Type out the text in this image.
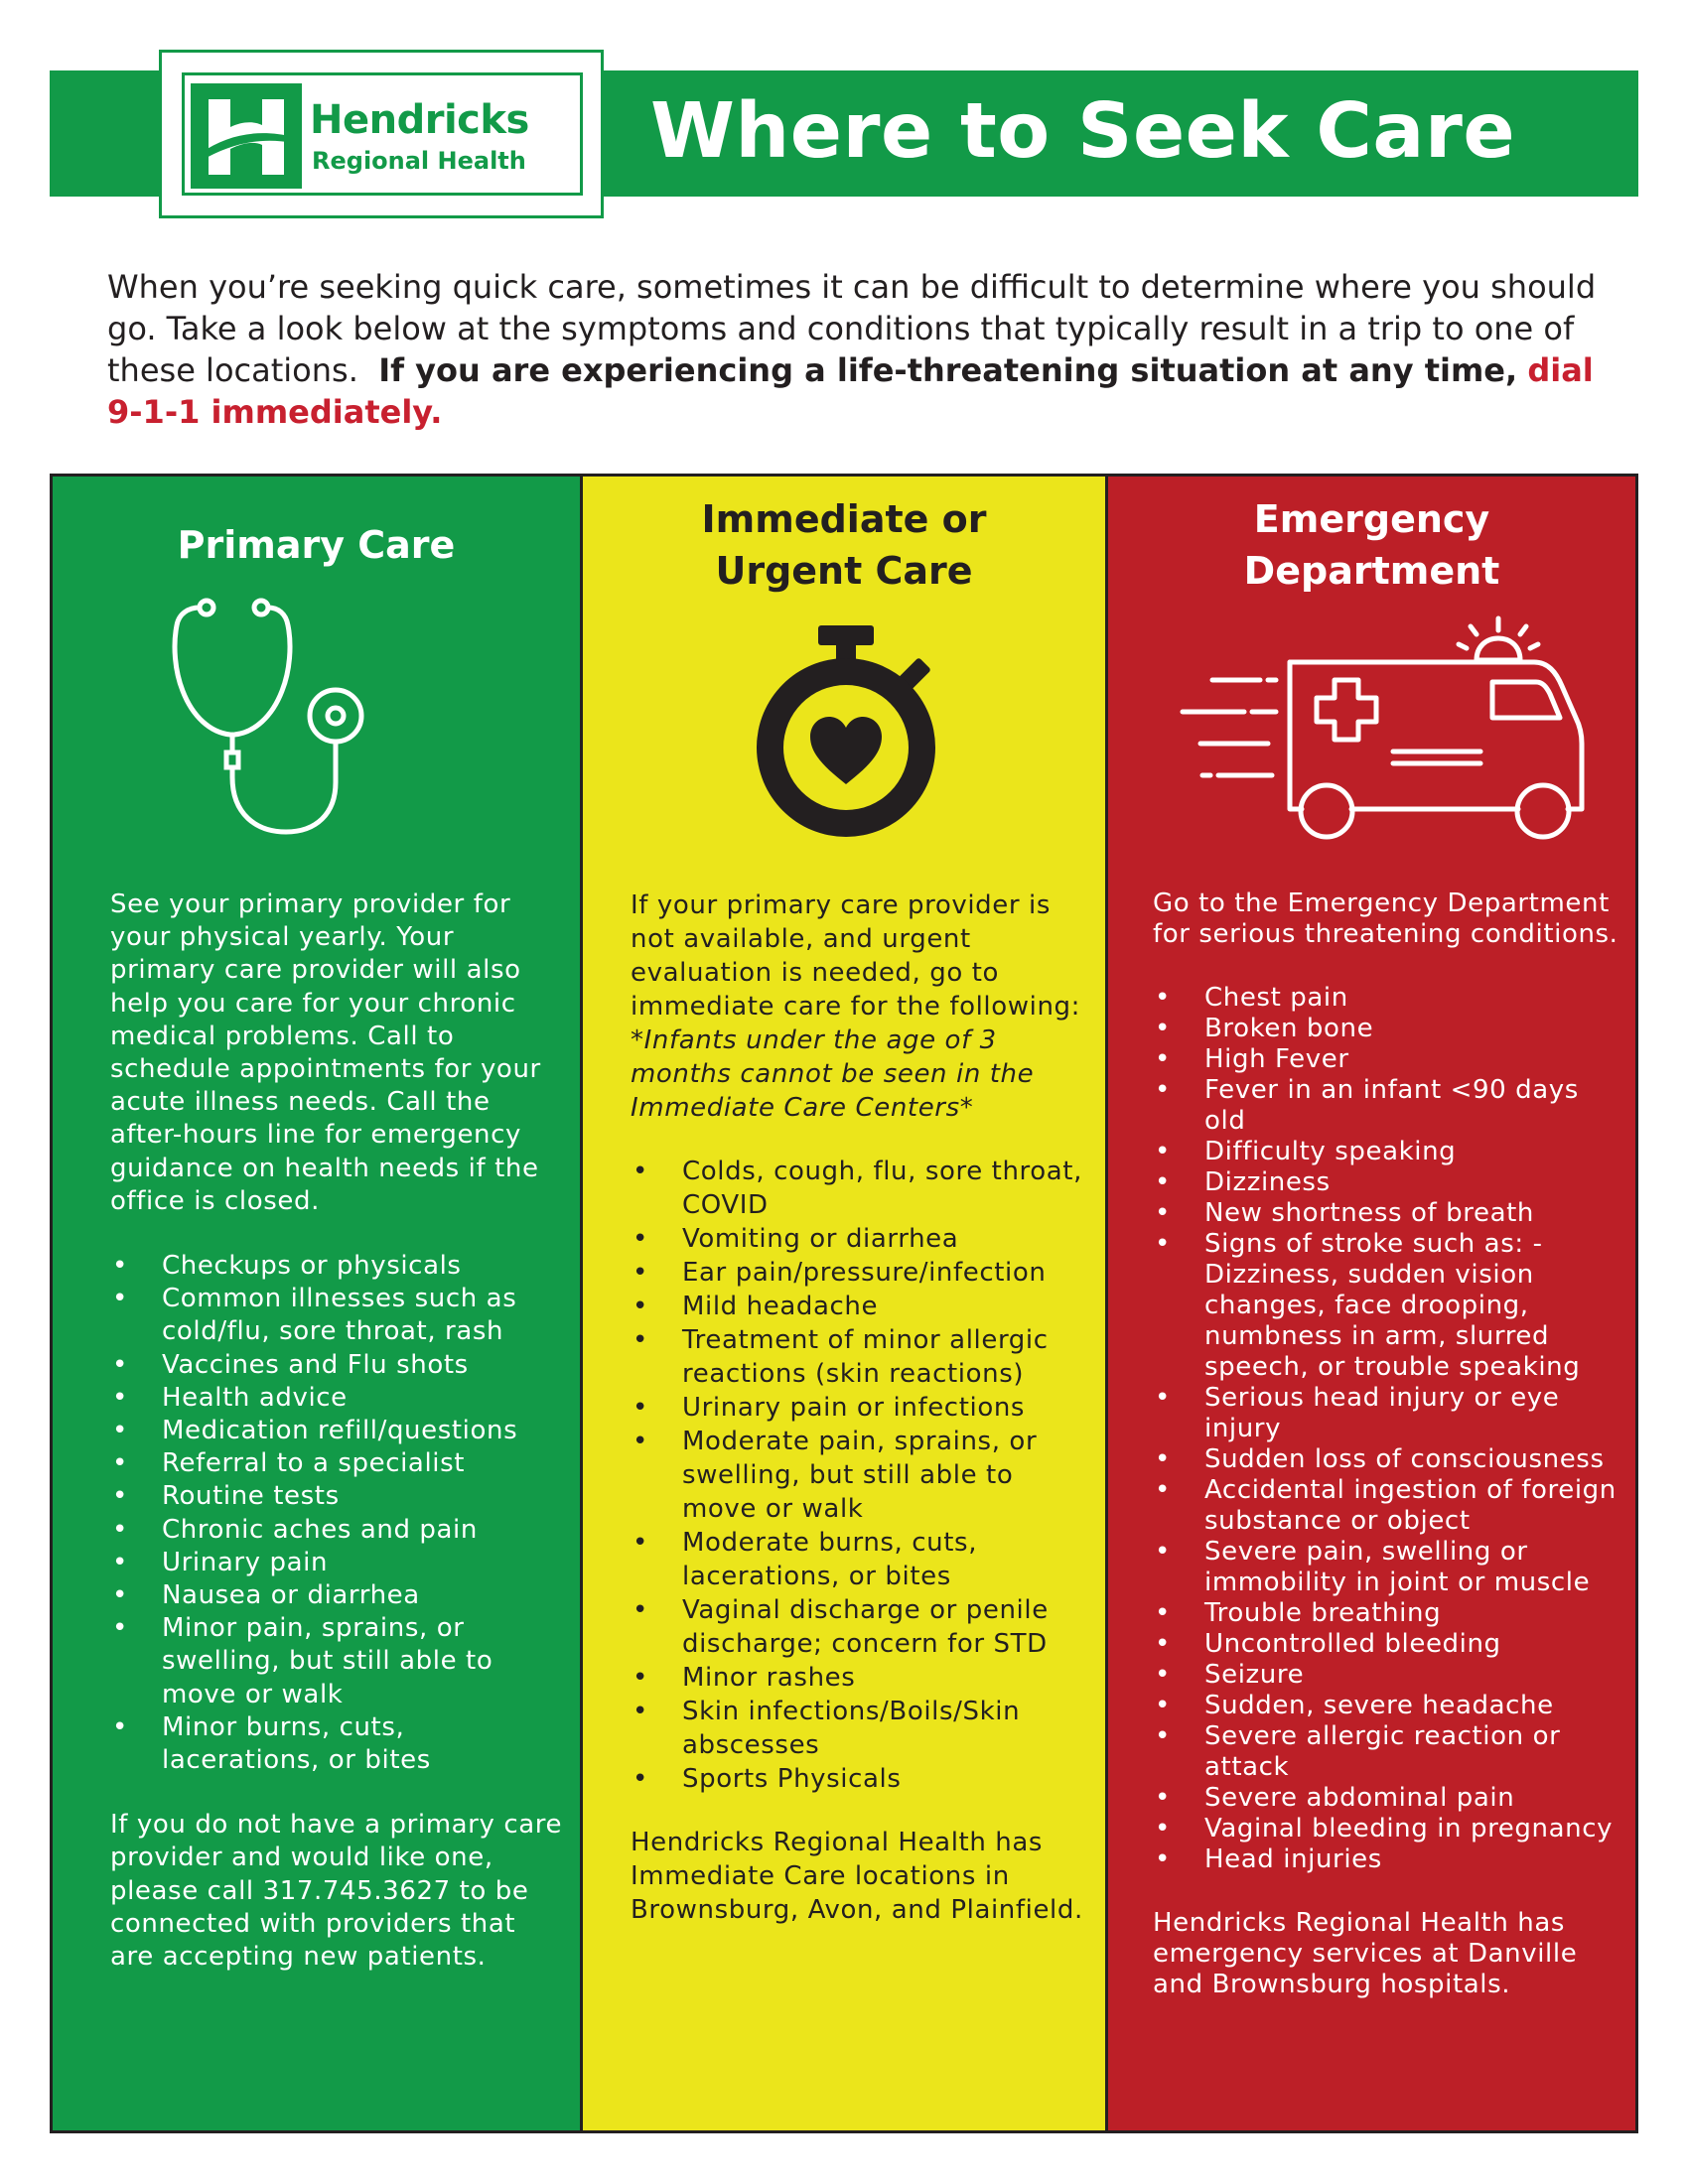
Hendricks
Regional Health Where to Seek Care

When you’re seeking quick care, sometimes it can be difficult to determine where you should go. Take a look below at the symptoms and conditions that typically result in a trip to one of these locations. If you are experiencing a life-threatening situation at any time, dial 9-1-1 immediately.

Primary Care

See your primary provider for your physical yearly. Your primary care provider will also help you care for your chronic medical problems. Call to schedule appointments for your acute illness needs. Call the after-hours line for emergency guidance on health needs if the office is closed.

• Checkups or physicals
• Common illnesses such as cold/flu, sore throat, rash
• Vaccines and Flu shots
• Health advice
• Medication refill/questions
• Referral to a specialist
• Routine tests
• Chronic aches and pain
• Urinary pain
• Nausea or diarrhea
• Minor pain, sprains, or swelling, but still able to move or walk
• Minor burns, cuts, lacerations, or bites

If you do not have a primary care provider and would like one, please call 317.745.3627 to be connected with providers that are accepting new patients.

Immediate or
Urgent Care

If your primary care provider is not available, and urgent evaluation is needed, go to immediate care for the following:

*Infants under the age of 3 months cannot be seen in the Immediate Care Centers*

• Colds, cough, flu, sore throat, COVID
• Vomiting or diarrhea
• Ear pain/pressure/infection
• Mild headache
• Treatment of minor allergic reactions (skin reactions)
• Urinary pain or infections
• Moderate pain, sprains, or swelling, but still able to move or walk
• Moderate burns, cuts, lacerations, or bites
• Vaginal discharge or penile discharge; concern for STD
• Minor rashes
• Skin infections/Boils/Skin abscesses
• Sports Physicals

Hendricks Regional Health has Immediate Care locations in Brownsburg, Avon, and Plainfield.

Emergency
Department

Go to the Emergency Department for serious threatening conditions.

• Chest pain
• Broken bone
• High Fever
• Fever in an infant <90 days old
• Difficulty speaking
• Dizziness
• New shortness of breath
• Signs of stroke such as: - Dizziness, sudden vision changes, face drooping, numbness in arm, slurred speech, or trouble speaking
• Serious head injury or eye injury
• Sudden loss of consciousness
• Accidental ingestion of foreign substance or object
• Severe pain, swelling or immobility in joint or muscle
• Trouble breathing
• Uncontrolled bleeding
• Seizure
• Sudden, severe headache
• Severe allergic reaction or attack
• Severe abdominal pain
• Vaginal bleeding in pregnancy
• Head injuries

Hendricks Regional Health has emergency services at Danville and Brownsburg hospitals.
